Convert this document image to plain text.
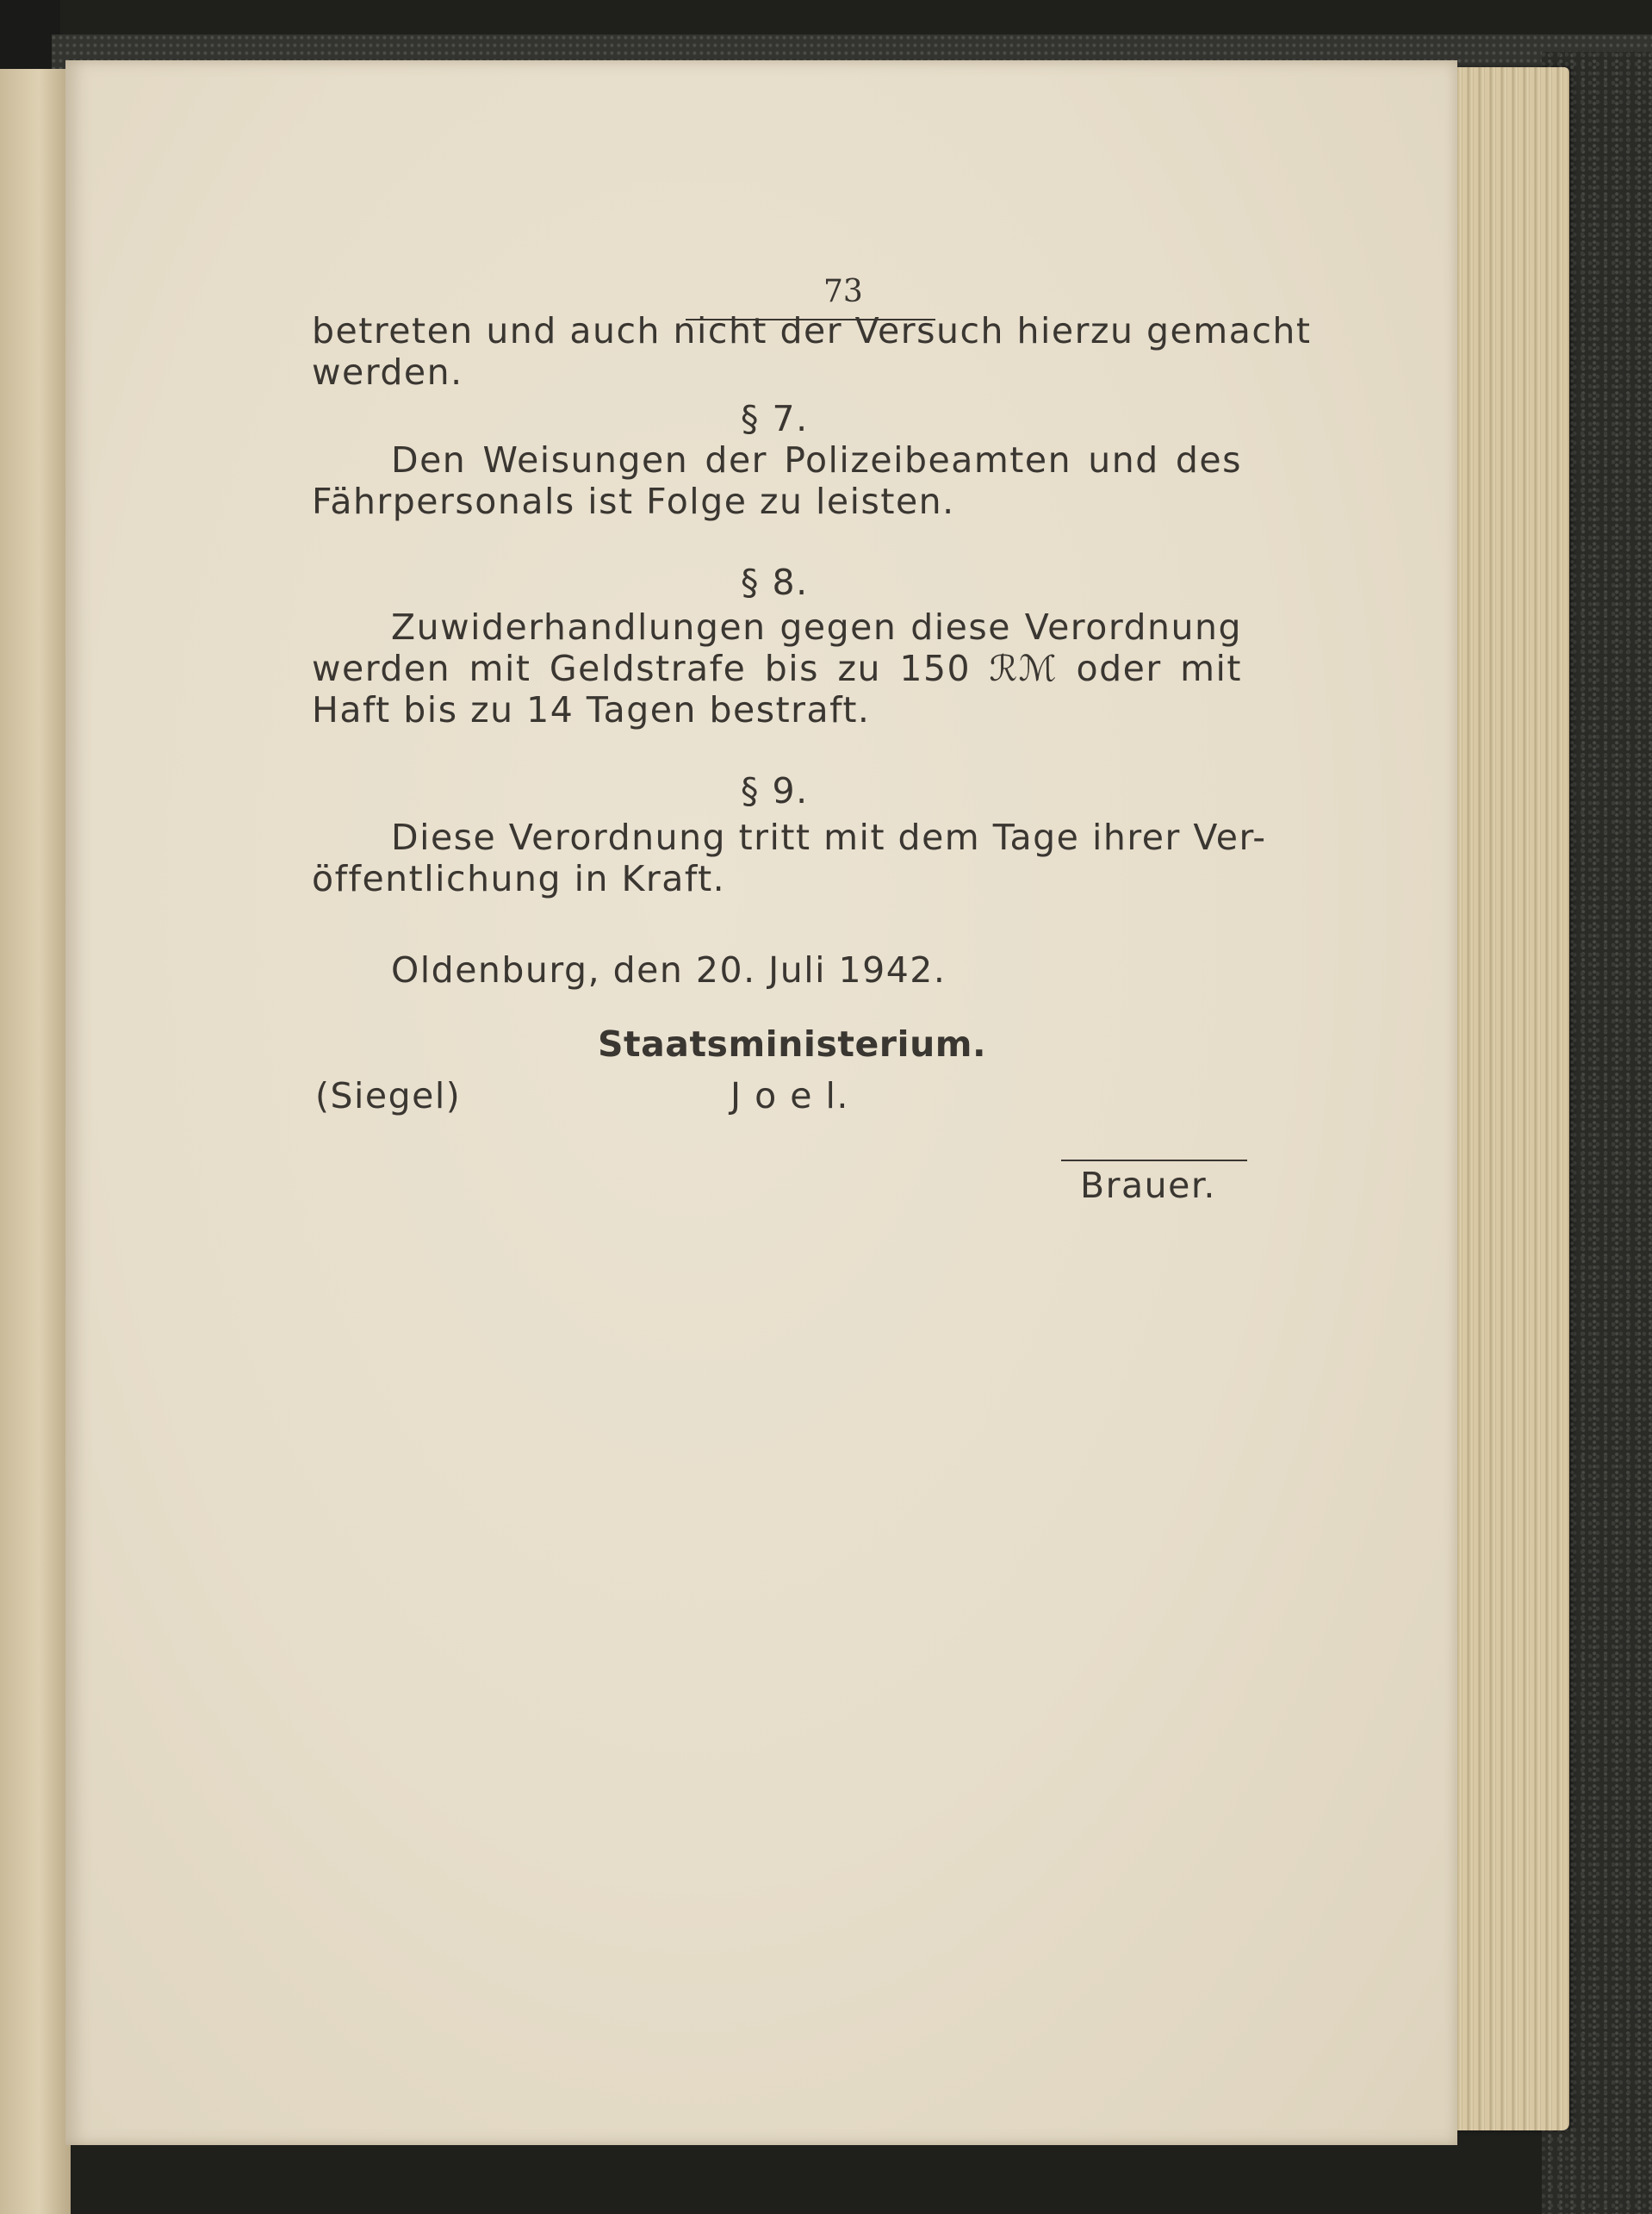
73
betreten und auch nicht der Versuch hierzu gemacht
werden.
§ 7.
Den Weisungen der Polizeibeamten und des
Fährpersonals ist Folge zu leisten.
§ 8.
Zuwiderhandlungen gegen diese Verordnung
werden mit Geldstrafe bis zu 150 ℛℳ oder mit
Haft bis zu 14 Tagen bestraft.
§ 9.
Diese Verordnung tritt mit dem Tage ihrer Ver-
öffentlichung in Kraft.
Oldenburg, den 20. Juli 1942.
Staatsministerium.
(Siegel)	J o e l.
Brauer.
